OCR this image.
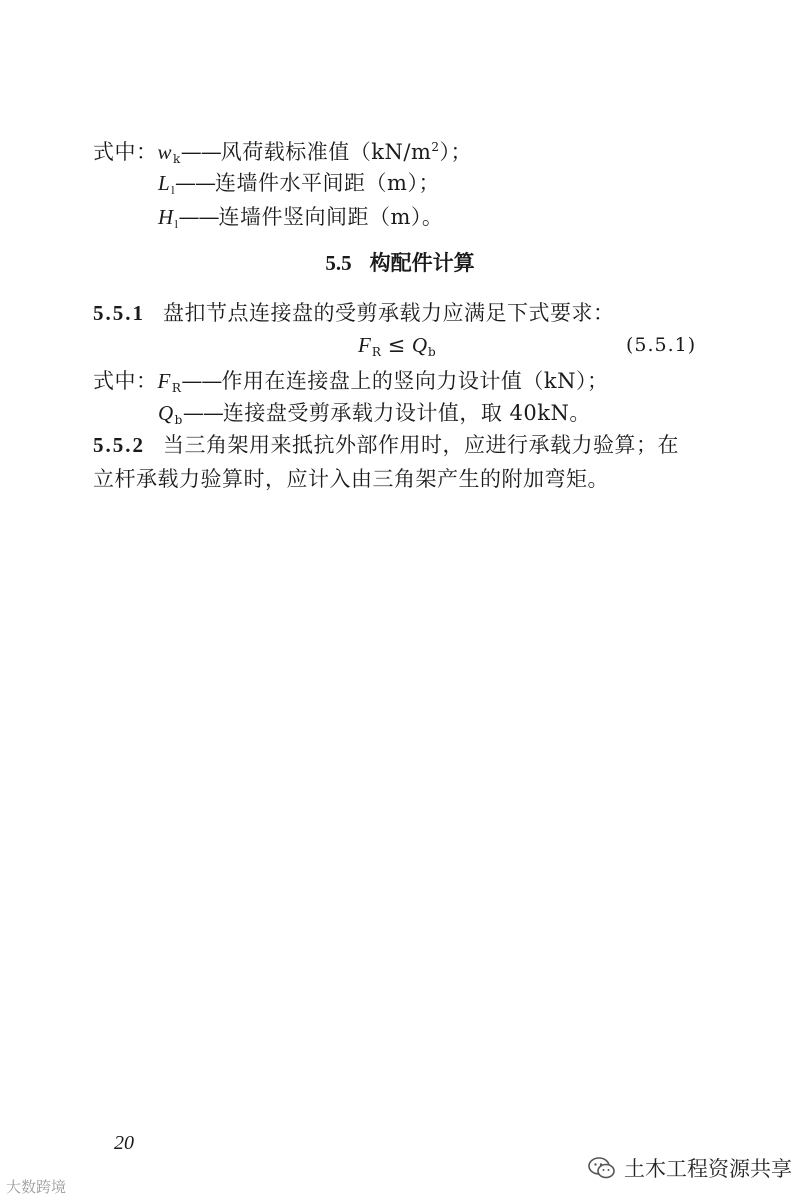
式中：$w_k——$风荷载标准值$(kN/m^2)$；
$L_l——$连墙件水平间距（m）；
$H_l——$连墙件竖向间距（m）。
5.5 构配件计算
5.5.1 盘扣节点连接盘的受剪承载力应满足下式要求：
$F_R \le Q_b$	(5.5.1)
式中：$F_R——$作用在连接盘上的竖向力设计值（kN）；
$Q_b——$连接盘受剪承载力设计值，取 40kN。
5.5.2 当三角架用来抵抗外部作用时，应进行承载力验算；在
立杆承载力验算时，应计入由三角架产生的附加弯矩。
20
大数跨境
土木工程资源共享
